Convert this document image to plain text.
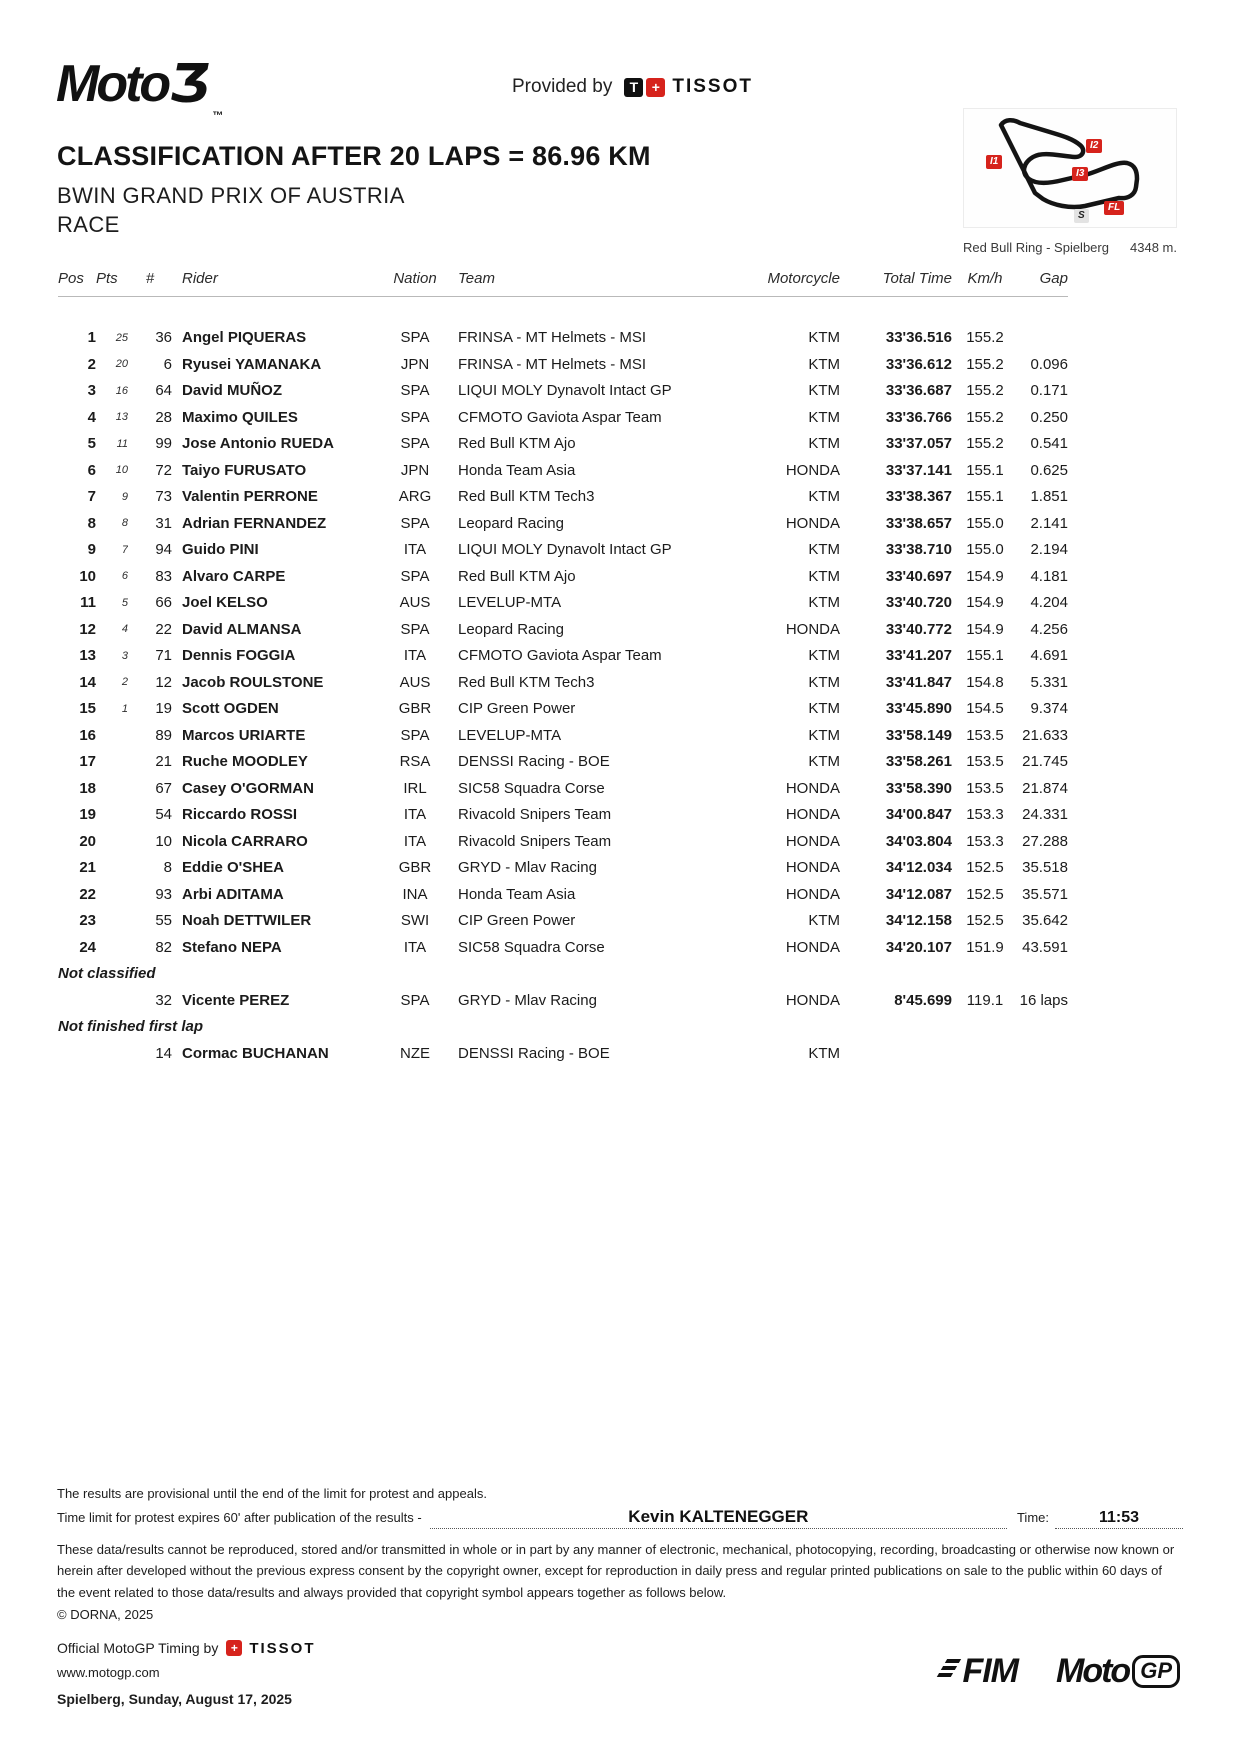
MotoƷ$_™$
Provided by	T + TISSOT
I1
I2
I3
S
FL
Red Bull Ring - Spielberg 4348 m.
CLASSIFICATION AFTER 20 LAPS = 86.96 KM
BWIN GRAND PRIX OF AUSTRIA
RACE
Pos	Pts	#	Rider	Nation	Team	Motorcycle	Total Time	Km/h	Gap
1	25	36	Angel PIQUERAS	SPA	FRINSA - MT Helmets - MSI	KTM	33'36.516	155.2	
2	20	6	Ryusei YAMANAKA	JPN	FRINSA - MT Helmets - MSI	KTM	33'36.612	155.2	0.096
3	16	64	David MUÑOZ	SPA	LIQUI MOLY Dynavolt Intact GP	KTM	33'36.687	155.2	0.171
4	13	28	Maximo QUILES	SPA	CFMOTO Gaviota Aspar Team	KTM	33'36.766	155.2	0.250
5	11	99	Jose Antonio RUEDA	SPA	Red Bull KTM Ajo	KTM	33'37.057	155.2	0.541
6	10	72	Taiyo FURUSATO	JPN	Honda Team Asia	HONDA	33'37.141	155.1	0.625
7	9	73	Valentin PERRONE	ARG	Red Bull KTM Tech3	KTM	33'38.367	155.1	1.851
8	8	31	Adrian FERNANDEZ	SPA	Leopard Racing	HONDA	33'38.657	155.0	2.141
9	7	94	Guido PINI	ITA	LIQUI MOLY Dynavolt Intact GP	KTM	33'38.710	155.0	2.194
10	6	83	Alvaro CARPE	SPA	Red Bull KTM Ajo	KTM	33'40.697	154.9	4.181
11	5	66	Joel KELSO	AUS	LEVELUP-MTA	KTM	33'40.720	154.9	4.204
12	4	22	David ALMANSA	SPA	Leopard Racing	HONDA	33'40.772	154.9	4.256
13	3	71	Dennis FOGGIA	ITA	CFMOTO Gaviota Aspar Team	KTM	33'41.207	155.1	4.691
14	2	12	Jacob ROULSTONE	AUS	Red Bull KTM Tech3	KTM	33'41.847	154.8	5.331
15	1	19	Scott OGDEN	GBR	CIP Green Power	KTM	33'45.890	154.5	9.374
16		89	Marcos URIARTE	SPA	LEVELUP-MTA	KTM	33'58.149	153.5	21.633
17		21	Ruche MOODLEY	RSA	DENSSI Racing - BOE	KTM	33'58.261	153.5	21.745
18		67	Casey O'GORMAN	IRL	SIC58 Squadra Corse	HONDA	33'58.390	153.5	21.874
19		54	Riccardo ROSSI	ITA	Rivacold Snipers Team	HONDA	34'00.847	153.3	24.331
20		10	Nicola CARRARO	ITA	Rivacold Snipers Team	HONDA	34'03.804	153.3	27.288
21		8	Eddie O'SHEA	GBR	GRYD - Mlav Racing	HONDA	34'12.034	152.5	35.518
22		93	Arbi ADITAMA	INA	Honda Team Asia	HONDA	34'12.087	152.5	35.571
23		55	Noah DETTWILER	SWI	CIP Green Power	KTM	34'12.158	152.5	35.642
24		82	Stefano NEPA	ITA	SIC58 Squadra Corse	HONDA	34'20.107	151.9	43.591
Not classified									
		32	Vicente PEREZ	SPA	GRYD - Mlav Racing	HONDA	8'45.699	119.1	16 laps
Not finished first lap									
		14	Cormac BUCHANAN	NZE	DENSSI Racing - BOE	KTM			
The results are provisional until the end of the limit for protest and appeals.
Time limit for protest expires 60' after publication of the results -	Kevin KALTENEGGER	Time:	11:53

These data/results cannot be reproduced, stored and/or transmitted in whole or in part by any manner of electronic, mechanical, photocopying, recording, broadcasting or otherwise now known or herein after developed without the previous express consent by the copyright owner, except for reproduction in daily press and regular printed publications on sale to the public within 60 days of the event related to those data/results and always provided that copyright symbol appears together as follows below.

© DORNA, 2025
Official MotoGP Timing by	+ TISSOT
www.motogp.com
Spielberg, Sunday, August 17, 2025
FIM Moto GP
